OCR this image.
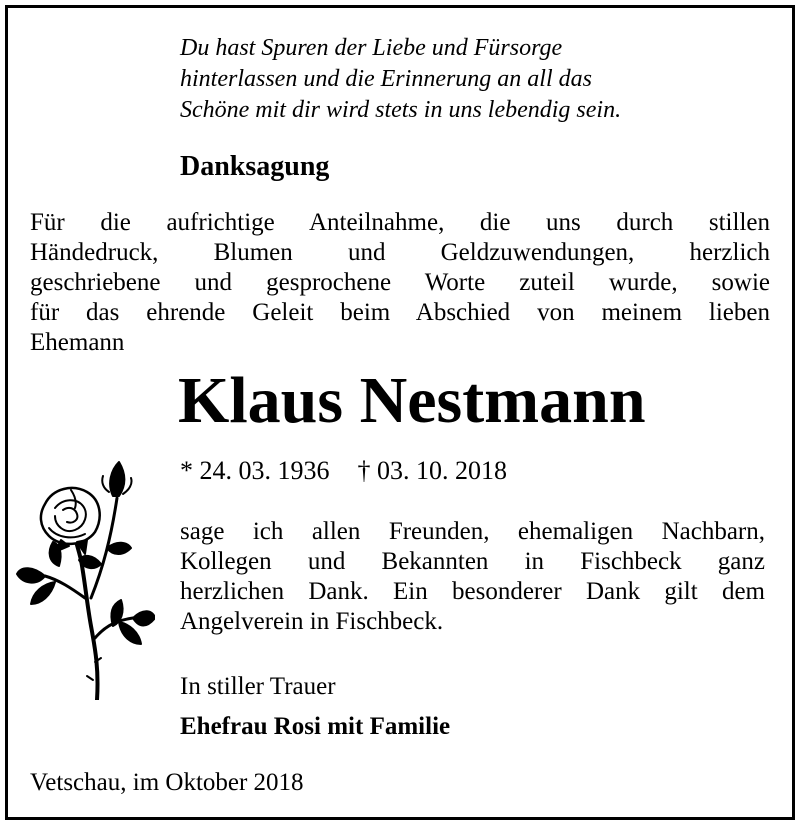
Du hast Spuren der Liebe und Fürsorge
hinterlassen und die Erinnerung an all das
Schöne mit dir wird stets in uns lebendig sein.
Danksagung
Für die aufrichtige Anteilnahme, die uns durch stillen
Händedruck, Blumen und Geldzuwendungen, herzlich
geschriebene und gesprochene Worte zuteil wurde, sowie
für das ehrende Geleit beim Abschied von meinem lieben
Ehemann
Klaus Nestmann
* 24. 03. 1936 † 03. 10. 2018
sage ich allen Freunden, ehemaligen Nachbarn,
Kollegen und Bekannten in Fischbeck ganz
herzlichen Dank. Ein besonderer Dank gilt dem
Angelverein in Fischbeck.
In stiller Trauer
Ehefrau Rosi mit Familie
Vetschau, im Oktober 2018
